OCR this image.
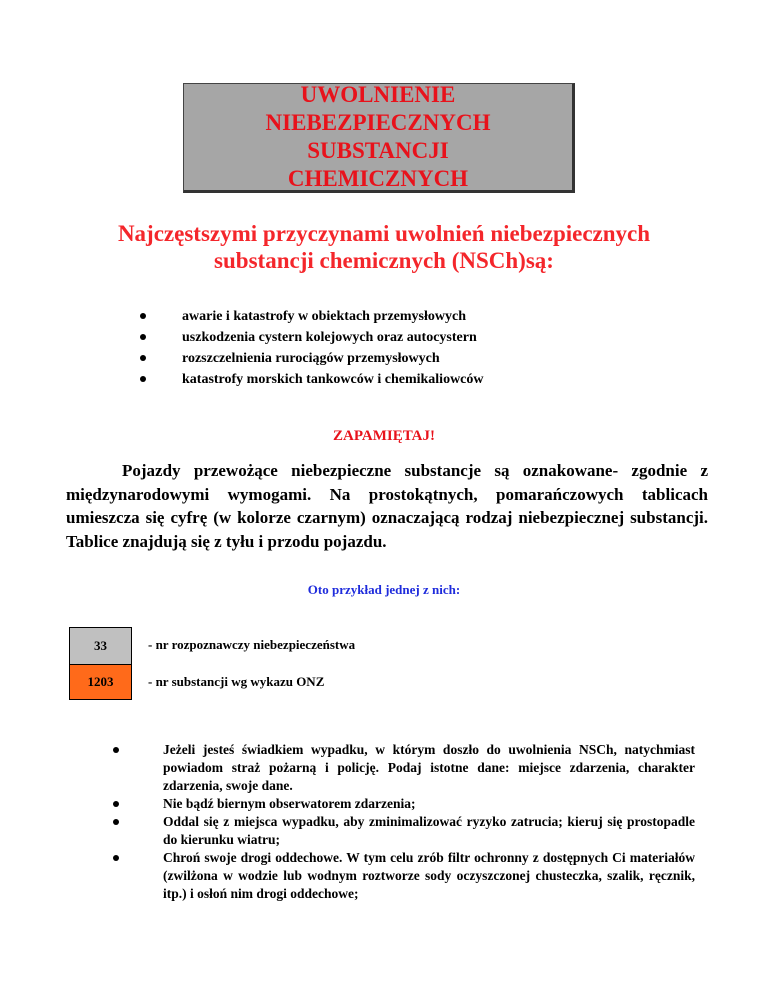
UWOLNIENIE
NIEBEZPIECZNYCH
SUBSTANCJI
CHEMICZNYCH
Najczęstszymi przyczynami uwolnień niebezpiecznych
substancji chemicznych (NSCh)są:
awarie i katastrofy w obiektach przemysłowych
uszkodzenia cystern kolejowych oraz autocystern
rozszczelnienia rurociągów przemysłowych
katastrofy morskich tankowców i chemikaliowców
ZAPAMIĘTAJ!

Pojazdy przewożące niebezpieczne substancje są oznakowane- zgodnie z międzynarodowymi wymogami. Na prostokątnych, pomarańczowych tablicach umieszcza się cyfrę (w kolorze czarnym) oznaczającą rodzaj niebezpiecznej substancji. Tablice znajdują się z tyłu i przodu pojazdu.

Oto przykład jednej z nich:
33	- nr rozpoznawczy niebezpieczeństwa
1203	- nr substancji wg wykazu ONZ
Jeżeli jesteś świadkiem wypadku, w którym doszło do uwolnienia NSCh, natychmiast powiadom straż pożarną i policję. Podaj istotne dane: miejsce zdarzenia, charakter zdarzenia, swoje dane.
Nie bądź biernym obserwatorem zdarzenia;
Oddal się z miejsca wypadku, aby zminimalizować ryzyko zatrucia; kieruj się prostopadle do kierunku wiatru;
Chroń swoje drogi oddechowe. W tym celu zrób filtr ochronny z dostępnych Ci materiałów (zwilżona w wodzie lub wodnym roztworze sody oczyszczonej chusteczka, szalik, ręcznik, itp.) i osłoń nim drogi oddechowe;
